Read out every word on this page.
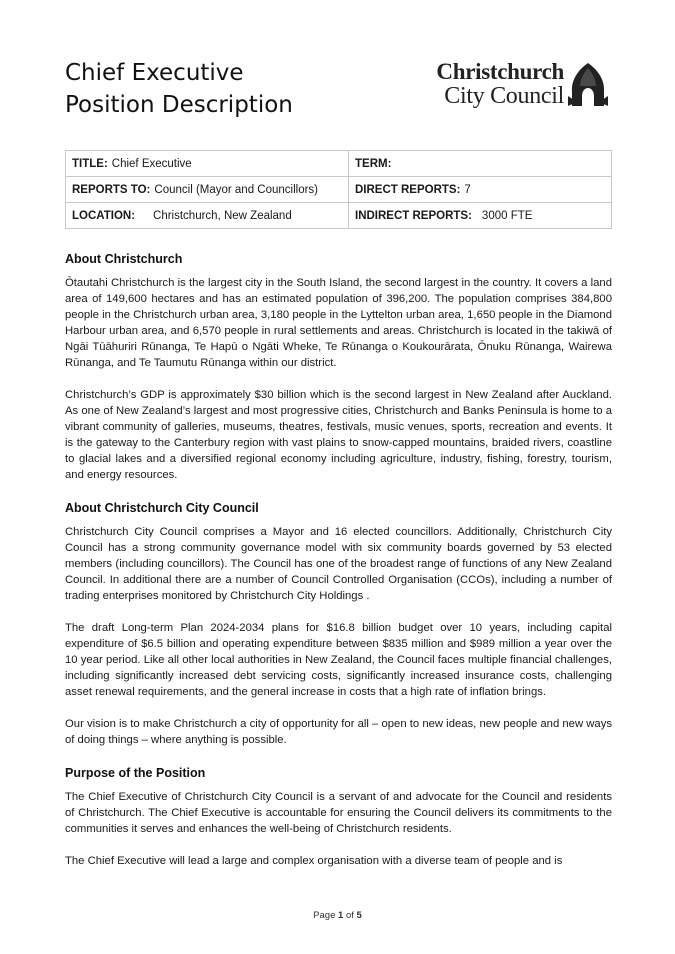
Chief Executive
Position Description
Christchurch
City Council
TITLE: Chief Executive	TERM:
REPORTS TO: Council (Mayor and Councillors)	DIRECT REPORTS: 7
LOCATION: Christchurch, New Zealand	INDIRECT REPORTS: 3000 FTE
About Christchurch

Ōtautahi Christchurch is the largest city in the South Island, the second largest in the country. It covers a land area of 149,600 hectares and has an estimated population of 396,200. The population comprises 384,800 people in the Christchurch urban area, 3,180 people in the Lyttelton urban area, 1,650 people in the Diamond Harbour urban area, and 6,570 people in rural settlements and areas. Christchurch is located in the takiwā of Ngāi Tūāhuriri Rūnanga, Te Hapū o Ngāti Wheke, Te Rūnanga o Koukourārata, Ōnuku Rūnanga, Wairewa Rūnanga, and Te Taumutu Rūnanga within our district.

Christchurch’s GDP is approximately $30 billion which is the second largest in New Zealand after Auckland. As one of New Zealand’s largest and most progressive cities, Christchurch and Banks Peninsula is home to a vibrant community of galleries, museums, theatres, festivals, music venues, sports, recreation and events. It is the gateway to the Canterbury region with vast plains to snow-capped mountains, braided rivers, coastline to glacial lakes and a diversified regional economy including agriculture, industry, fishing, forestry, tourism, and energy resources.

About Christchurch City Council

Christchurch City Council comprises a Mayor and 16 elected councillors. Additionally, Christchurch City Council has a strong community governance model with six community boards governed by 53 elected members (including councillors). The Council has one of the broadest range of functions of any New Zealand Council. In additional there are a number of Council Controlled Organisation (CCOs), including a number of trading enterprises monitored by Christchurch City Holdings .

The draft Long-term Plan 2024-2034 plans for $16.8 billion budget over 10 years, including capital expenditure of $6.5 billion and operating expenditure between $835 million and $989 million a year over the 10 year period. Like all other local authorities in New Zealand, the Council faces multiple financial challenges, including significantly increased debt servicing costs, significantly increased insurance costs, challenging asset renewal requirements, and the general increase in costs that a high rate of inflation brings.

Our vision is to make Christchurch a city of opportunity for all – open to new ideas, new people and new ways of doing things – where anything is possible.

Purpose of the Position

The Chief Executive of Christchurch City Council is a servant of and advocate for the Council and residents of Christchurch. The Chief Executive is accountable for ensuring the Council delivers its commitments to the communities it serves and enhances the well-being of Christchurch residents.

The Chief Executive will lead a large and complex organisation with a diverse team of people and is

Page 1 of 5
